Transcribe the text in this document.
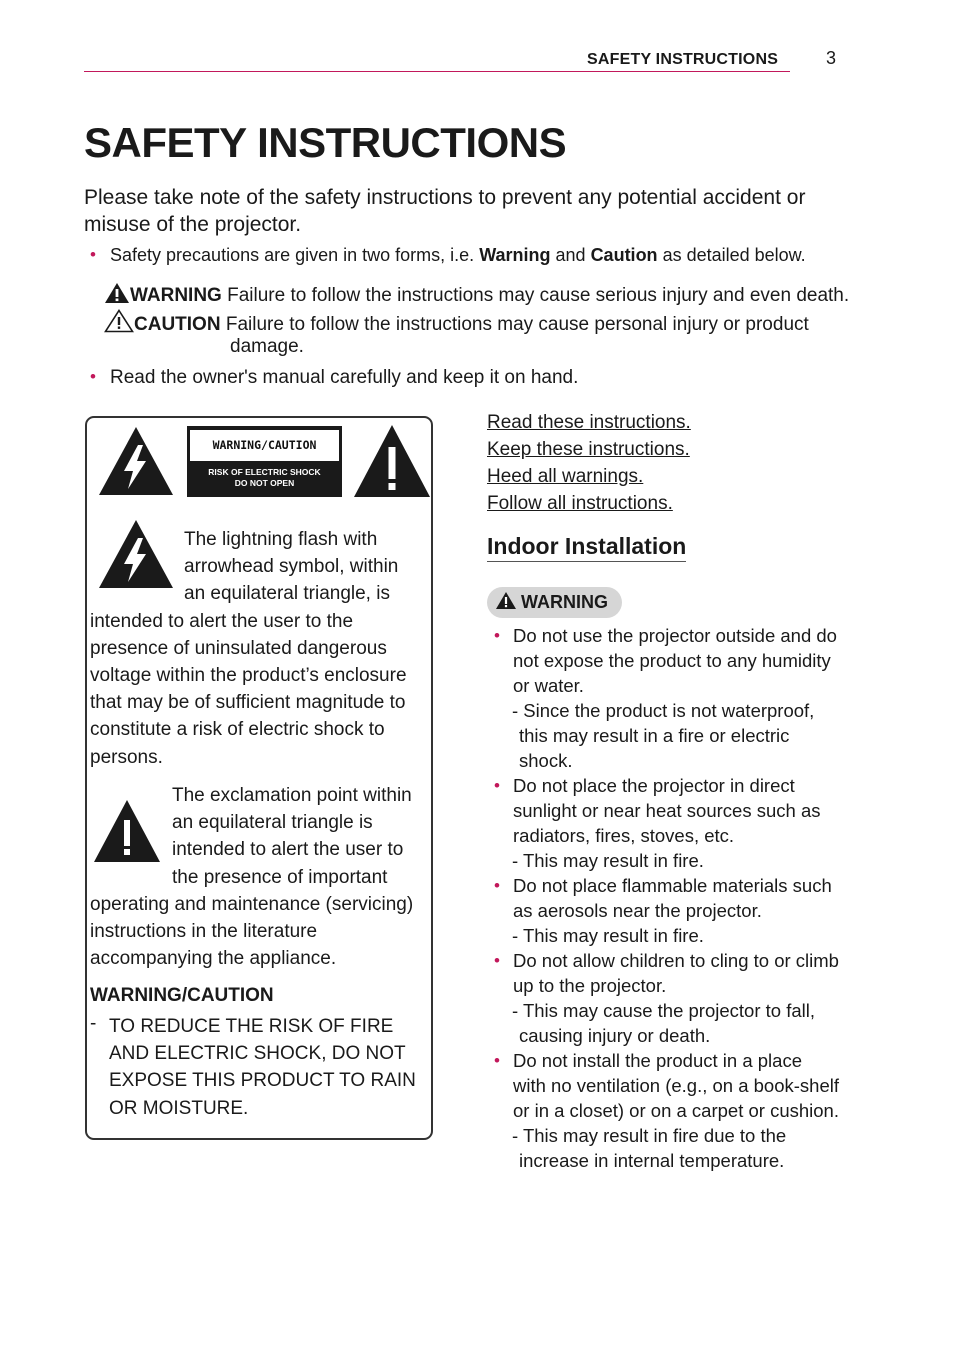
SAFETY INSTRUCTIONS	3
SAFETY INSTRUCTIONS
Please take note of the safety instructions to prevent any potential accident or misuse of the projector.
• Safety precautions are given in two forms, i.e. Warning and Caution as detailed below.
WARNING Failure to follow the instructions may cause serious injury and even death.
CAUTION Failure to follow the instructions may cause personal injury or product
damage.
• Read the owner's manual carefully and keep it on hand.
WARNING/CAUTION
RISK OF ELECTRIC SHOCK
DO NOT OPEN
The lightning flash with arrowhead symbol, within an equilateral triangle, is intended to alert the user to the presence of uninsulated dangerous voltage within the product’s enclosure that may be of sufficient magnitude to constitute a risk of electric shock to persons.
The exclamation point within an equilateral triangle is intended to alert the user to the presence of important operating and maintenance (servicing) instructions in the literature accompanying the appliance.
WARNING/CAUTION
- TO REDUCE THE RISK OF FIRE AND ELECTRIC SHOCK, DO NOT EXPOSE THIS PRODUCT TO RAIN OR MOISTURE.
Read these instructions.
Keep these instructions.
Heed all warnings.
Follow all instructions.
Indoor Installation
WARNING
• Do not use the projector outside and do not expose the product to any humidity or water.
- Since the product is not waterproof, this may result in a fire or electric shock.
• Do not place the projector in direct sunlight or near heat sources such as radiators, fires, stoves, etc.
- This may result in fire.
• Do not place flammable materials such as aerosols near the projector.
- This may result in fire.
• Do not allow children to cling to or climb up to the projector.
- This may cause the projector to fall, causing injury or death.
• Do not install the product in a place with no ventilation (e.g., on a book-shelf or in a closet) or on a carpet or cushion.
- This may result in fire due to the increase in internal temperature.
